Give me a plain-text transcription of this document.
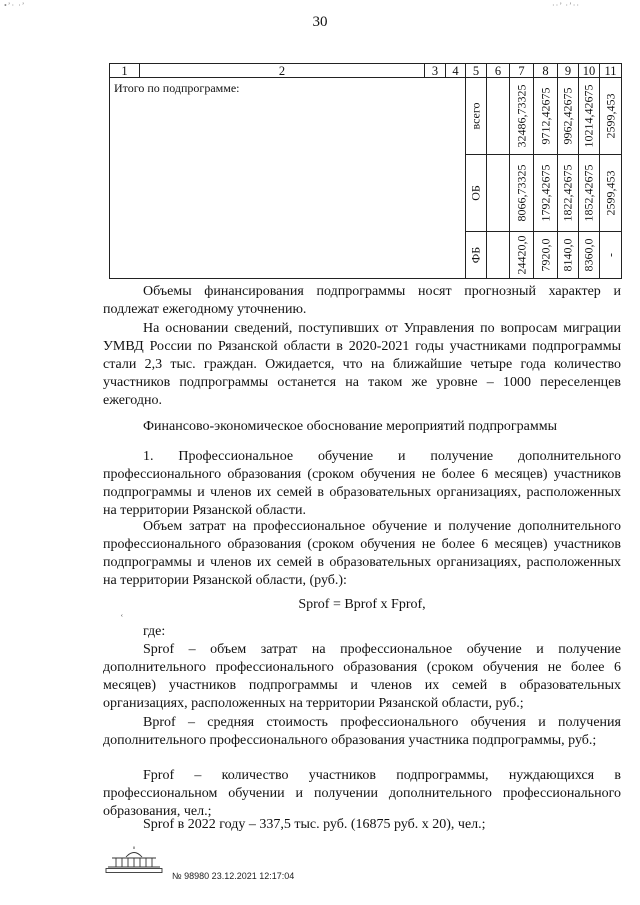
•’· ·’	··’ ·’··
30
1	2	3	4	5	6	7	8	9	10	11
Итого по подпрограмме:				всего		32486,73325	9712,42675	9962,42675	10214,42675	2599,453

				ОБ		8066,73325	1792,42675	1822,42675	1852,42675	2599,453

				ФБ		24420,0	7920,0	8140,0	8360,0	-

Объемы финансирования подпрограммы носят прогнозный характер и подлежат ежегодному уточнению.

На основании сведений, поступивших от Управления по вопросам миграции УМВД России по Рязанской области в 2020-2021 годы участниками подпрограммы стали 2,3 тыс. граждан. Ожидается, что на ближайшие четыре года количество участников подпрограммы останется на таком же уровне – 1000 переселенцев ежегодно.

Финансово-экономическое обоснование мероприятий подпрограммы

1. Профессиональное обучение и получение дополнительного профессионального образования (сроком обучения не более 6 месяцев) участников подпрограммы и членов их семей в образовательных организациях, расположенных на территории Рязанской области.

Объем затрат на профессиональное обучение и получение дополнительного профессионального образования (сроком обучения не более 6 месяцев) участников подпрограммы и членов их семей в образовательных организациях, расположенных на территории Рязанской области, (руб.):

Sprof = Bprof x Fprof,

ʿ

где:

Sprof – объем затрат на профессиональное обучение и получение дополнительного профессионального образования (сроком обучения не более 6 месяцев) участников подпрограммы и членов их семей в образовательных организациях, расположенных на территории Рязанской области, руб.;

Bprof – средняя стоимость профессионального обучения и получения дополнительного профессионального образования участника подпрограммы, руб.;

Fprof – количество участников подпрограммы, нуждающихся в профессиональном обучении и получении дополнительного профессионального образования, чел.;

Sprof в 2022 году – 337,5 тыс. руб. (16875 руб. х 20), чел.;

№ 98980 23.12.2021 12:17:04
